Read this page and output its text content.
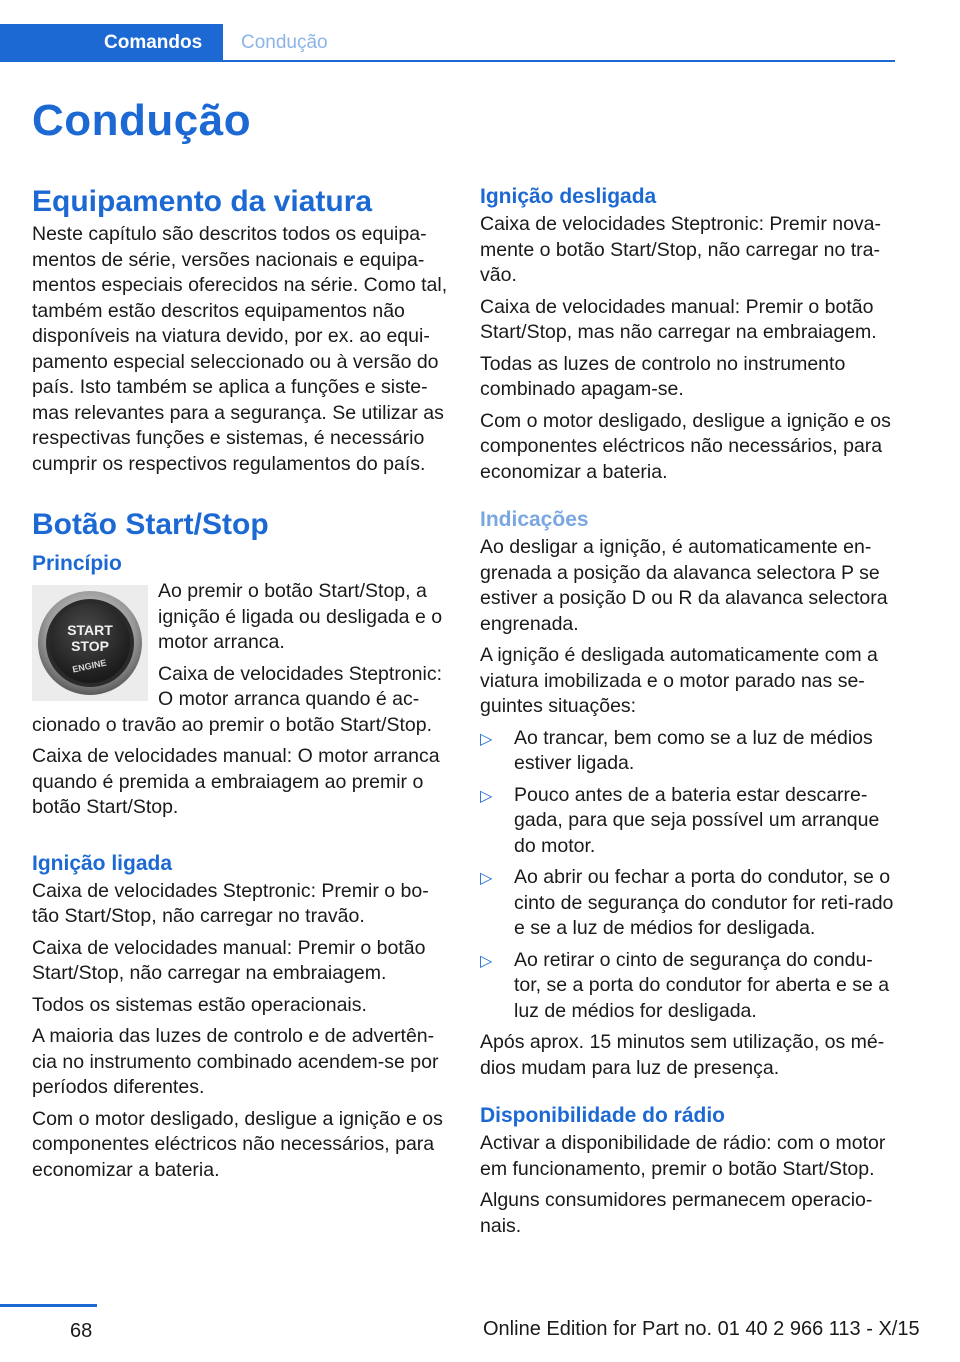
Comandos	Condução
Condução
Equipamento da viatura

Neste capítulo são descritos todos os equipa-mentos de série, versões nacionais e equipa-mentos especiais oferecidos na série. Como tal, também estão descritos equipamentos não disponíveis na viatura devido, por ex. ao equi-pamento especial seleccionado ou à versão do país. Isto também se aplica a funções e siste-mas relevantes para a segurança. Se utilizar as respectivas funções e sistemas, é necessário cumprir os respectivos regulamentos do país.

Botão Start/Stop
Princípio
START
STOP
ENGINE

Ao premir o botão Start/Stop, a ignição é ligada ou desligada e o motor arranca.

Caixa de velocidades Steptronic: O motor arranca quando é ac-cionado o travão ao premir o botão Start/Stop.

Caixa de velocidades manual: O motor arranca quando é premida a embraiagem ao premir o botão Start/Stop.

Ignição ligada

Caixa de velocidades Steptronic: Premir o bo-tão Start/Stop, não carregar no travão.

Caixa de velocidades manual: Premir o botão Start/Stop, não carregar na embraiagem.

Todos os sistemas estão operacionais.

A maioria das luzes de controlo e de advertên-cia no instrumento combinado acendem-se por períodos diferentes.

Com o motor desligado, desligue a ignição e os componentes eléctricos não necessários, para economizar a bateria.

Ignição desligada

Caixa de velocidades Steptronic: Premir nova-mente o botão Start/Stop, não carregar no tra-vão.

Caixa de velocidades manual: Premir o botão Start/Stop, mas não carregar na embraiagem.

Todas as luzes de controlo no instrumento combinado apagam-se.

Com o motor desligado, desligue a ignição e os componentes eléctricos não necessários, para economizar a bateria.

Indicações

Ao desligar a ignição, é automaticamente en-grenada a posição da alavanca selectora P se estiver a posição D ou R da alavanca selectora engrenada.

A ignição é desligada automaticamente com a viatura imobilizada e o motor parado nas se-guintes situações:

▷ Ao trancar, bem como se a luz de médios estiver ligada.
▷ Pouco antes de a bateria estar descarre-gada, para que seja possível um arranque do motor.
▷ Ao abrir ou fechar a porta do condutor, se o cinto de segurança do condutor for reti-rado e se a luz de médios for desligada.
▷ Ao retirar o cinto de segurança do condu-tor, se a porta do condutor for aberta e se a luz de médios for desligada.

Após aprox. 15 minutos sem utilização, os mé-dios mudam para luz de presença.

Disponibilidade do rádio

Activar a disponibilidade de rádio: com o motor em funcionamento, premir o botão Start/Stop.

Alguns consumidores permanecem operacio-nais.

68	Online Edition for Part no. 01 40 2 966 113 - X/15
